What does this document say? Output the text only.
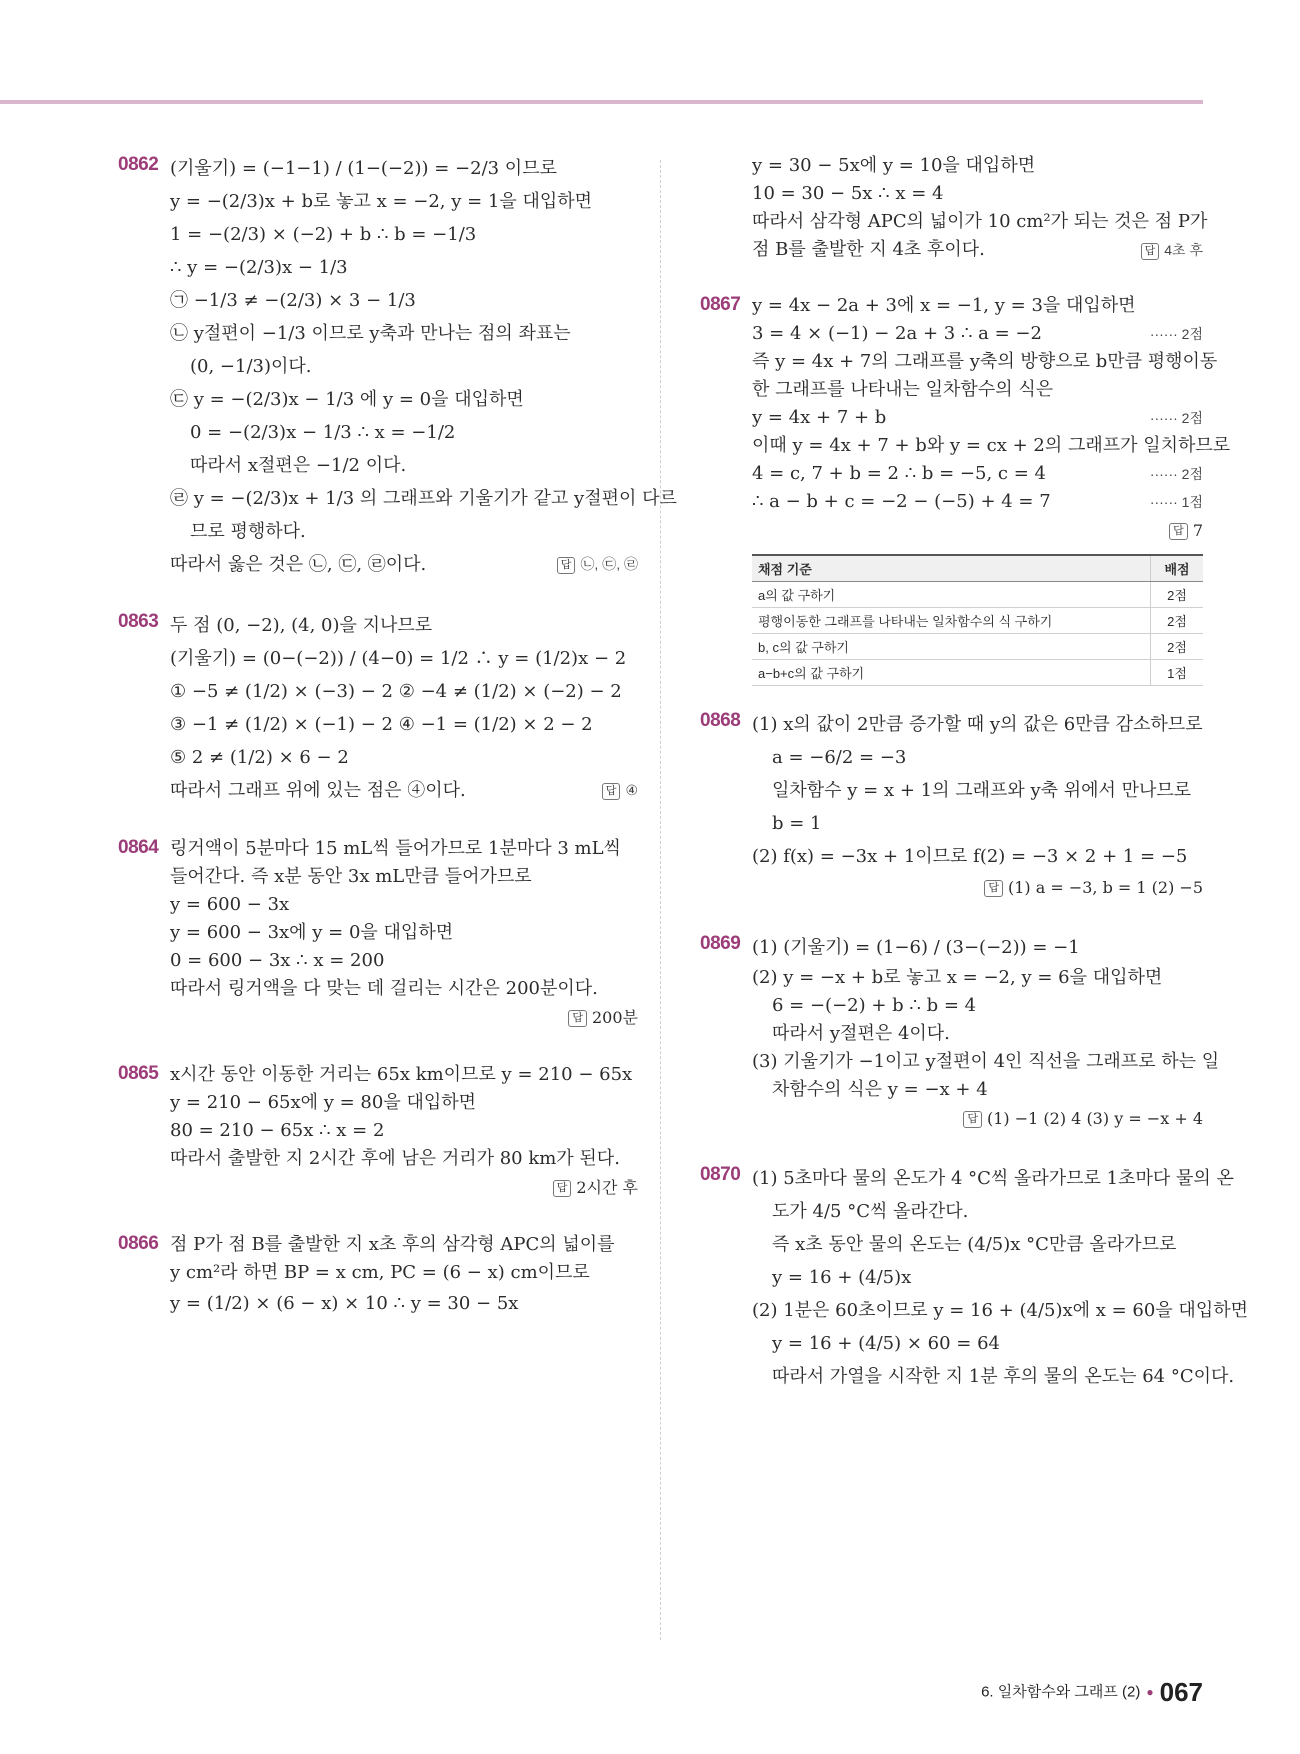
0862 (기울기) = (−1−1) / (1−(−2)) = −2/3 이므로
y = −(2/3)x + b로 놓고 x = −2, y = 1을 대입하면
1 = −(2/3) × (−2) + b ∴ b = −1/3
∴ y = −(2/3)x − 1/3
㉠ −1/3 ≠ −(2/3) × 3 − 1/3
㉡ y절편이 −1/3 이므로 y축과 만나는 점의 좌표는
(0, −1/3)이다.
㉢ y = −(2/3)x − 1/3 에 y = 0을 대입하면
0 = −(2/3)x − 1/3 ∴ x = −1/2
따라서 x절편은 −1/2 이다.
㉣ y = −(2/3)x + 1/3 의 그래프와 기울기가 같고 y절편이 다르
므로 평행하다.
따라서 옳은 것은 ㉡, ㉢, ㉣이다.	답 ㉡, ㉢, ㉣
0863 두 점 (0, −2), (4, 0)을 지나므로
(기울기) = (0−(−2)) / (4−0) = 1/2 ∴ y = (1/2)x − 2
① −5 ≠ (1/2) × (−3) − 2 ② −4 ≠ (1/2) × (−2) − 2
③ −1 ≠ (1/2) × (−1) − 2 ④ −1 = (1/2) × 2 − 2
⑤ 2 ≠ (1/2) × 6 − 2
따라서 그래프 위에 있는 점은 ④이다.	답 ④
0864 링거액이 5분마다 15 mL씩 들어가므로 1분마다 3 mL씩
들어간다. 즉 x분 동안 3x mL만큼 들어가므로
y = 600 − 3x
y = 600 − 3x에 y = 0을 대입하면
0 = 600 − 3x ∴ x = 200
따라서 링거액을 다 맞는 데 걸리는 시간은 200분이다.
답 200분
0865 x시간 동안 이동한 거리는 65x km이므로 y = 210 − 65x
y = 210 − 65x에 y = 80을 대입하면
80 = 210 − 65x ∴ x = 2
따라서 출발한 지 2시간 후에 남은 거리가 80 km가 된다.
답 2시간 후
0866 점 P가 점 B를 출발한 지 x초 후의 삼각형 APC의 넓이를
y cm²라 하면 BP = x cm, PC = (6 − x) cm이므로
y = (1/2) × (6 − x) × 10 ∴ y = 30 − 5x
y = 30 − 5x에 y = 10을 대입하면
10 = 30 − 5x ∴ x = 4
따라서 삼각형 APC의 넓이가 10 cm²가 되는 것은 점 P가
점 B를 출발한 지 4초 후이다.	답 4초 후
0867 y = 4x − 2a + 3에 x = −1, y = 3을 대입하면
3 = 4 × (−1) − 2a + 3 ∴ a = −2	······ 2점
즉 y = 4x + 7의 그래프를 y축의 방향으로 b만큼 평행이동
한 그래프를 나타내는 일차함수의 식은
y = 4x + 7 + b	······ 2점
이때 y = 4x + 7 + b와 y = cx + 2의 그래프가 일치하므로
4 = c, 7 + b = 2 ∴ b = −5, c = 4	······ 2점
∴ a − b + c = −2 − (−5) + 4 = 7	······ 1점
답 7
채점 기준	배점
a의 값 구하기	2점
평행이동한 그래프를 나타내는 일차함수의 식 구하기	2점
b, c의 값 구하기	2점
a−b+c의 값 구하기	1점
0868 (1) x의 값이 2만큼 증가할 때 y의 값은 6만큼 감소하므로
a = −6/2 = −3
일차함수 y = x + 1의 그래프와 y축 위에서 만나므로
b = 1
(2) f(x) = −3x + 1이므로 f(2) = −3 × 2 + 1 = −5
답 (1) a = −3, b = 1 (2) −5
0869 (1) (기울기) = (1−6) / (3−(−2)) = −1
(2) y = −x + b로 놓고 x = −2, y = 6을 대입하면
6 = −(−2) + b ∴ b = 4
따라서 y절편은 4이다.
(3) 기울기가 −1이고 y절편이 4인 직선을 그래프로 하는 일
차함수의 식은 y = −x + 4
답 (1) −1 (2) 4 (3) y = −x + 4
0870 (1) 5초마다 물의 온도가 4 °C씩 올라가므로 1초마다 물의 온
도가 4/5 °C씩 올라간다.
즉 x초 동안 물의 온도는 (4/5)x °C만큼 올라가므로
y = 16 + (4/5)x
(2) 1분은 60초이므로 y = 16 + (4/5)x에 x = 60을 대입하면
y = 16 + (4/5) × 60 = 64
따라서 가열을 시작한 지 1분 후의 물의 온도는 64 °C이다.
6. 일차함수와 그래프 (2) ● 067
